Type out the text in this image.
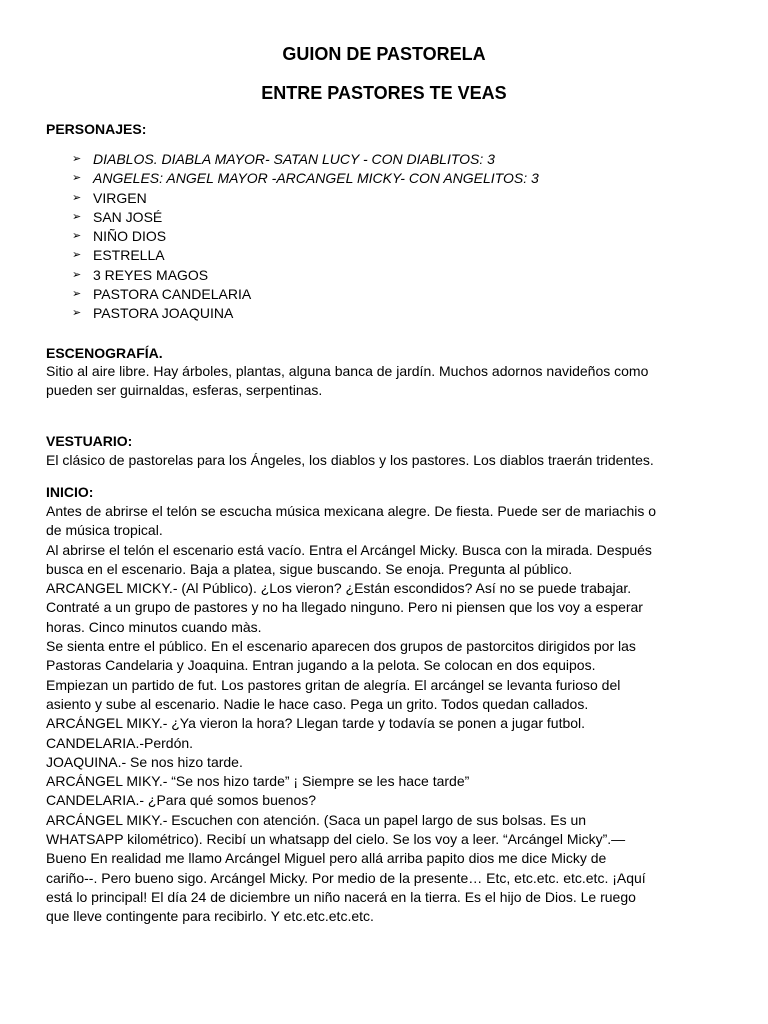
GUION DE PASTORELA
ENTRE PASTORES TE VEAS
PERSONAJES:
➢ DIABLOS. DIABLA MAYOR- SATAN LUCY - CON DIABLITOS: 3
➢ ANGELES: ANGEL MAYOR -ARCANGEL MICKY- CON ANGELITOS: 3
➢ VIRGEN
➢ SAN JOSÉ
➢ NIÑO DIOS
➢ ESTRELLA
➢ 3 REYES MAGOS
➢ PASTORA CANDELARIA
➢ PASTORA JOAQUINA
ESCENOGRAFÍA.
Sitio al aire libre. Hay árboles, plantas, alguna banca de jardín. Muchos adornos navideños como
pueden ser guirnaldas, esferas, serpentinas.
VESTUARIO:
El clásico de pastorelas para los Ángeles, los diablos y los pastores. Los diablos traerán tridentes.
INICIO:
Antes de abrirse el telón se escucha música mexicana alegre. De fiesta. Puede ser de mariachis o
de música tropical.
Al abrirse el telón el escenario está vacío. Entra el Arcángel Micky. Busca con la mirada. Después
busca en el escenario. Baja a platea, sigue buscando. Se enoja. Pregunta al público.
ARCANGEL MICKY.- (Al Público). ¿Los vieron? ¿Están escondidos? Así no se puede trabajar.
Contraté a un grupo de pastores y no ha llegado ninguno. Pero ni piensen que los voy a esperar
horas. Cinco minutos cuando màs.
Se sienta entre el público. En el escenario aparecen dos grupos de pastorcitos dirigidos por las
Pastoras Candelaria y Joaquina. Entran jugando a la pelota. Se colocan en dos equipos.
Empiezan un partido de fut. Los pastores gritan de alegría. El arcángel se levanta furioso del
asiento y sube al escenario. Nadie le hace caso. Pega un grito. Todos quedan callados.
ARCÁNGEL MIKY.- ¿Ya vieron la hora? Llegan tarde y todavía se ponen a jugar futbol.
CANDELARIA.-Perdón.
JOAQUINA.- Se nos hizo tarde.
ARCÁNGEL MIKY.- “Se nos hizo tarde” ¡ Siempre se les hace tarde”
CANDELARIA.- ¿Para qué somos buenos?
ARCÁNGEL MIKY.- Escuchen con atención. (Saca un papel largo de sus bolsas. Es un
WHATSAPP kilométrico). Recibí un whatsapp del cielo. Se los voy a leer. “Arcángel Micky”.—
Bueno En realidad me llamo Arcángel Miguel pero allá arriba papito dios me dice Micky de
cariño--. Pero bueno sigo. Arcángel Micky. Por medio de la presente… Etc, etc.etc. etc.etc. ¡Aquí
está lo principal! El día 24 de diciembre un niño nacerá en la tierra. Es el hijo de Dios. Le ruego
que lleve contingente para recibirlo. Y etc.etc.etc.etc.
